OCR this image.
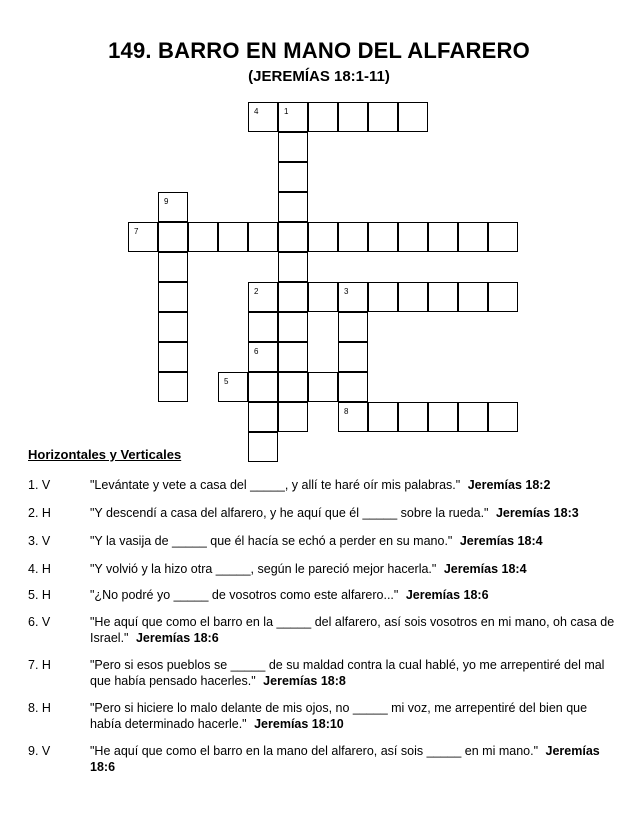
149. BARRO EN MANO DEL ALFARERO
(JEREMÍAS 18:1-11)
4	1
7
9
2	3
6
5
8
Horizontales y Verticales
1. V	"Levántate y vete a casa del _____, y allí te haré oír mis palabras." Jeremías 18:2
2. H	"Y descendí a casa del alfarero, y he aquí que él _____ sobre la rueda." Jeremías 18:3
3. V	"Y la vasija de _____ que él hacía se echó a perder en su mano." Jeremías 18:4
4. H	"Y volvió y la hizo otra _____, según le pareció mejor hacerla." Jeremías 18:4
5. H	"¿No podré yo _____ de vosotros como este alfarero..." Jeremías 18:6
6. V	"He aquí que como el barro en la _____ del alfarero, así sois vosotros en mi mano, oh casa de Israel." Jeremías 18:6
7. H	"Pero si esos pueblos se _____ de su maldad contra la cual hablé, yo me arrepentiré del mal que había pensado hacerles." Jeremías 18:8
8. H	"Pero si hiciere lo malo delante de mis ojos, no _____ mi voz, me arrepentiré del bien que había determinado hacerle." Jeremías 18:10
9. V	"He aquí que como el barro en la mano del alfarero, así sois _____ en mi mano." Jeremías 18:6
